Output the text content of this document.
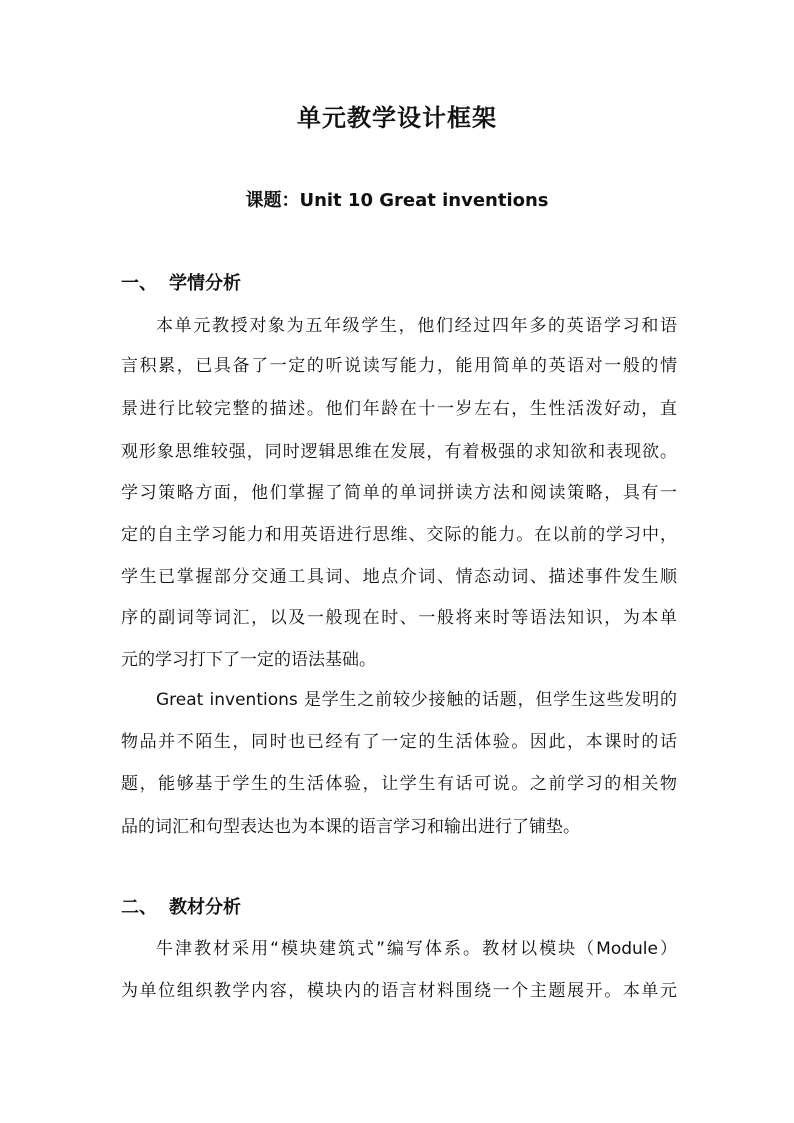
单元教学设计框架
课题：Unit 10 Great inventions
一、 学情分析
本单元教授对象为五年级学生，他们经过四年多的英语学习和语
言积累，已具备了一定的听说读写能力，能用简单的英语对一般的情
景进行比较完整的描述。他们年龄在十一岁左右，生性活泼好动，直
观形象思维较强，同时逻辑思维在发展，有着极强的求知欲和表现欲。
学习策略方面，他们掌握了简单的单词拼读方法和阅读策略，具有一
定的自主学习能力和用英语进行思维、交际的能力。在以前的学习中，
学生已掌握部分交通工具词、地点介词、情态动词、描述事件发生顺
序的副词等词汇，以及一般现在时、一般将来时等语法知识，为本单
元的学习打下了一定的语法基础。
Great inventions 是学生之前较少接触的话题，但学生这些发明的
物品并不陌生，同时也已经有了一定的生活体验。因此，本课时的话
题，能够基于学生的生活体验，让学生有话可说。之前学习的相关物
品的词汇和句型表达也为本课的语言学习和输出进行了铺垫。
二、 教材分析
牛津教材采用“模块建筑式”编写体系。教材以模块（Module）
为单位组织教学内容，模块内的语言材料围绕一个主题展开。本单元
